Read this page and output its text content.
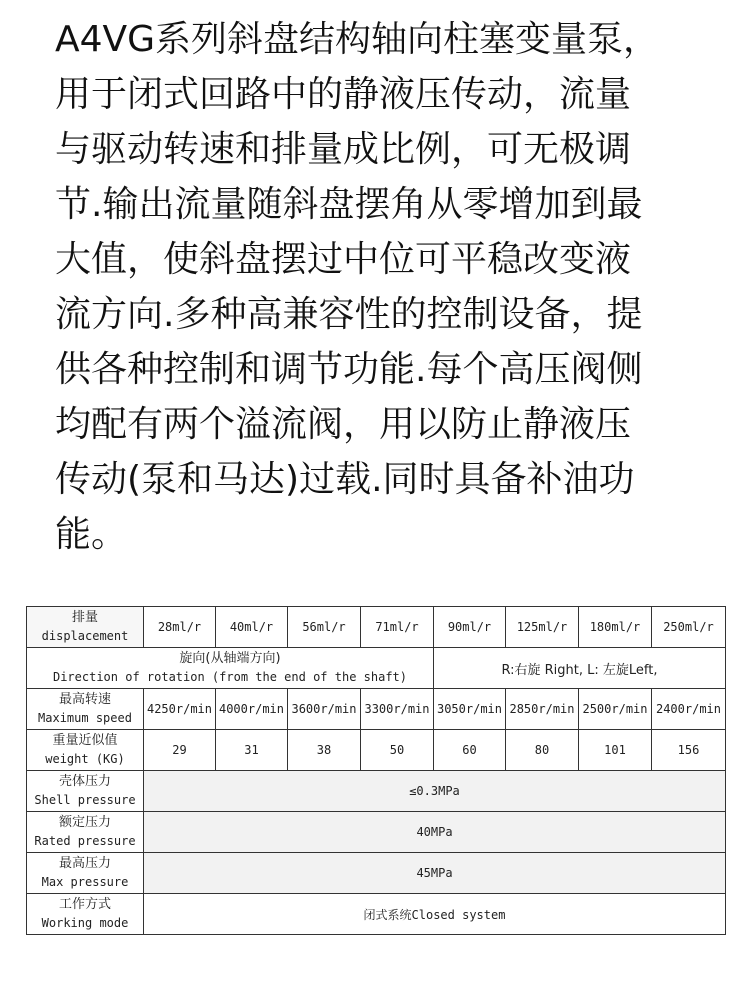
A4VG系列斜盘结构轴向柱塞变量泵，
用于闭式回路中的静液压传动，流量
与驱动转速和排量成比例，可无极调
节.输出流量随斜盘摆角从零增加到最
大值，使斜盘摆过中位可平稳改变液
流方向.多种高兼容性的控制设备，提
供各种控制和调节功能.每个高压阀侧
均配有两个溢流阀，用以防止静液压
传动(泵和马达)过载.同时具备补油功
能。
排量
displacement	28ml/r	40ml/r	56ml/r	71ml/r	90ml/r	125ml/r	180ml/r	250ml/r

旋向(从轴端方向)
Direction of rotation (from the end of the shaft)					R:右旋 Right, L: 左旋Left,			

最高转速
Maximum speed	4250r/min	4000r/min	3600r/min	3300r/min	3050r/min	2850r/min	2500r/min	2400r/min

重量近似值
weight (KG)	29	31	38	50	60	80	101	156

壳体压力
Shell pressure	≤0.3MPa							

额定压力
Rated pressure	40MPa							

最高压力
Max pressure	45MPa							

工作方式
Working mode	闭式系统Closed system							
